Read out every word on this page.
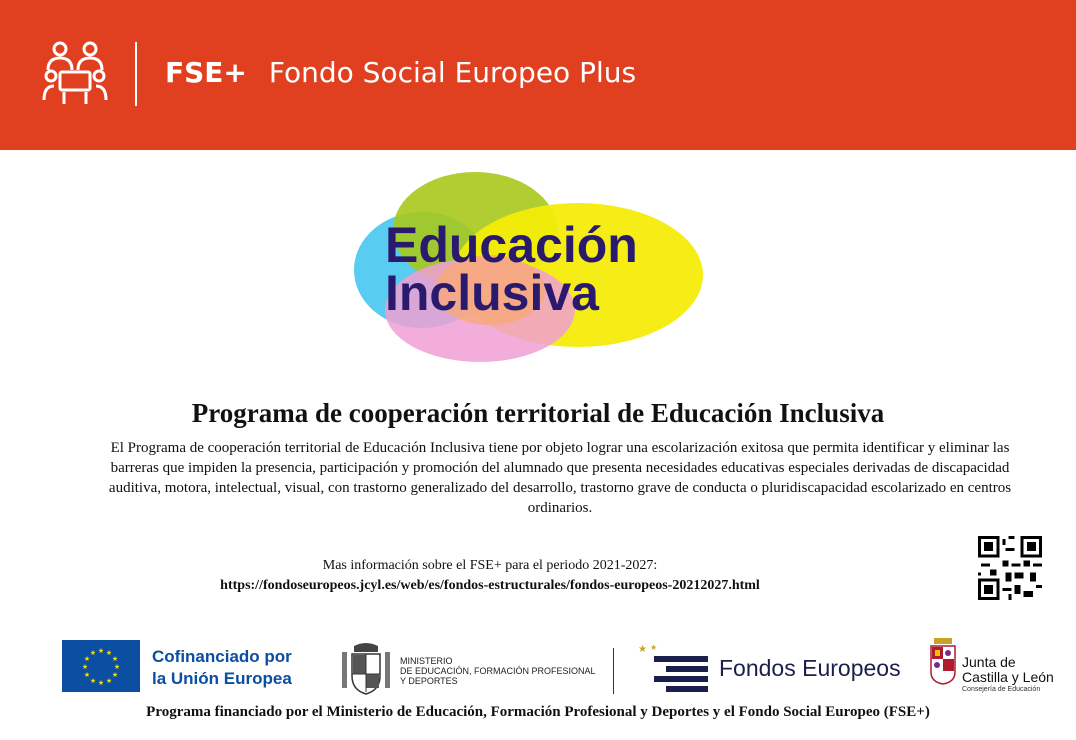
FSE+ Fondo Social Europeo Plus
Educación
Inclusiva
Programa de cooperación territorial de Educación Inclusiva
El Programa de cooperación territorial de Educación Inclusiva tiene por objeto lograr una escolarización exitosa que permita identificar y eliminar las barreras que impiden la presencia, participación y promoción del alumnado que presenta necesidades educativas especiales derivadas de discapacidad auditiva, motora, intelectual, visual, con trastorno generalizado del desarrollo, trastorno grave de conducta o pluridiscapacidad escolarizado en centros ordinarios.
Mas información sobre el FSE+ para el periodo 2021-2027:
https://fondoseuropeos.jcyl.es/web/es/fondos-estructurales/fondos-europeos-20212027.html
★ ★
★
★
★
★
★
★
★
★
★
★	Cofinanciado por
la Unión Europea
MINISTERIO
DE EDUCACIÓN, FORMACIÓN PROFESIONAL
Y DEPORTES
★ ★
Fondos Europeos	Junta de
Castilla y León
Consejería de Educación
Programa financiado por el Ministerio de Educación, Formación Profesional y Deportes y el Fondo Social Europeo (FSE+)
